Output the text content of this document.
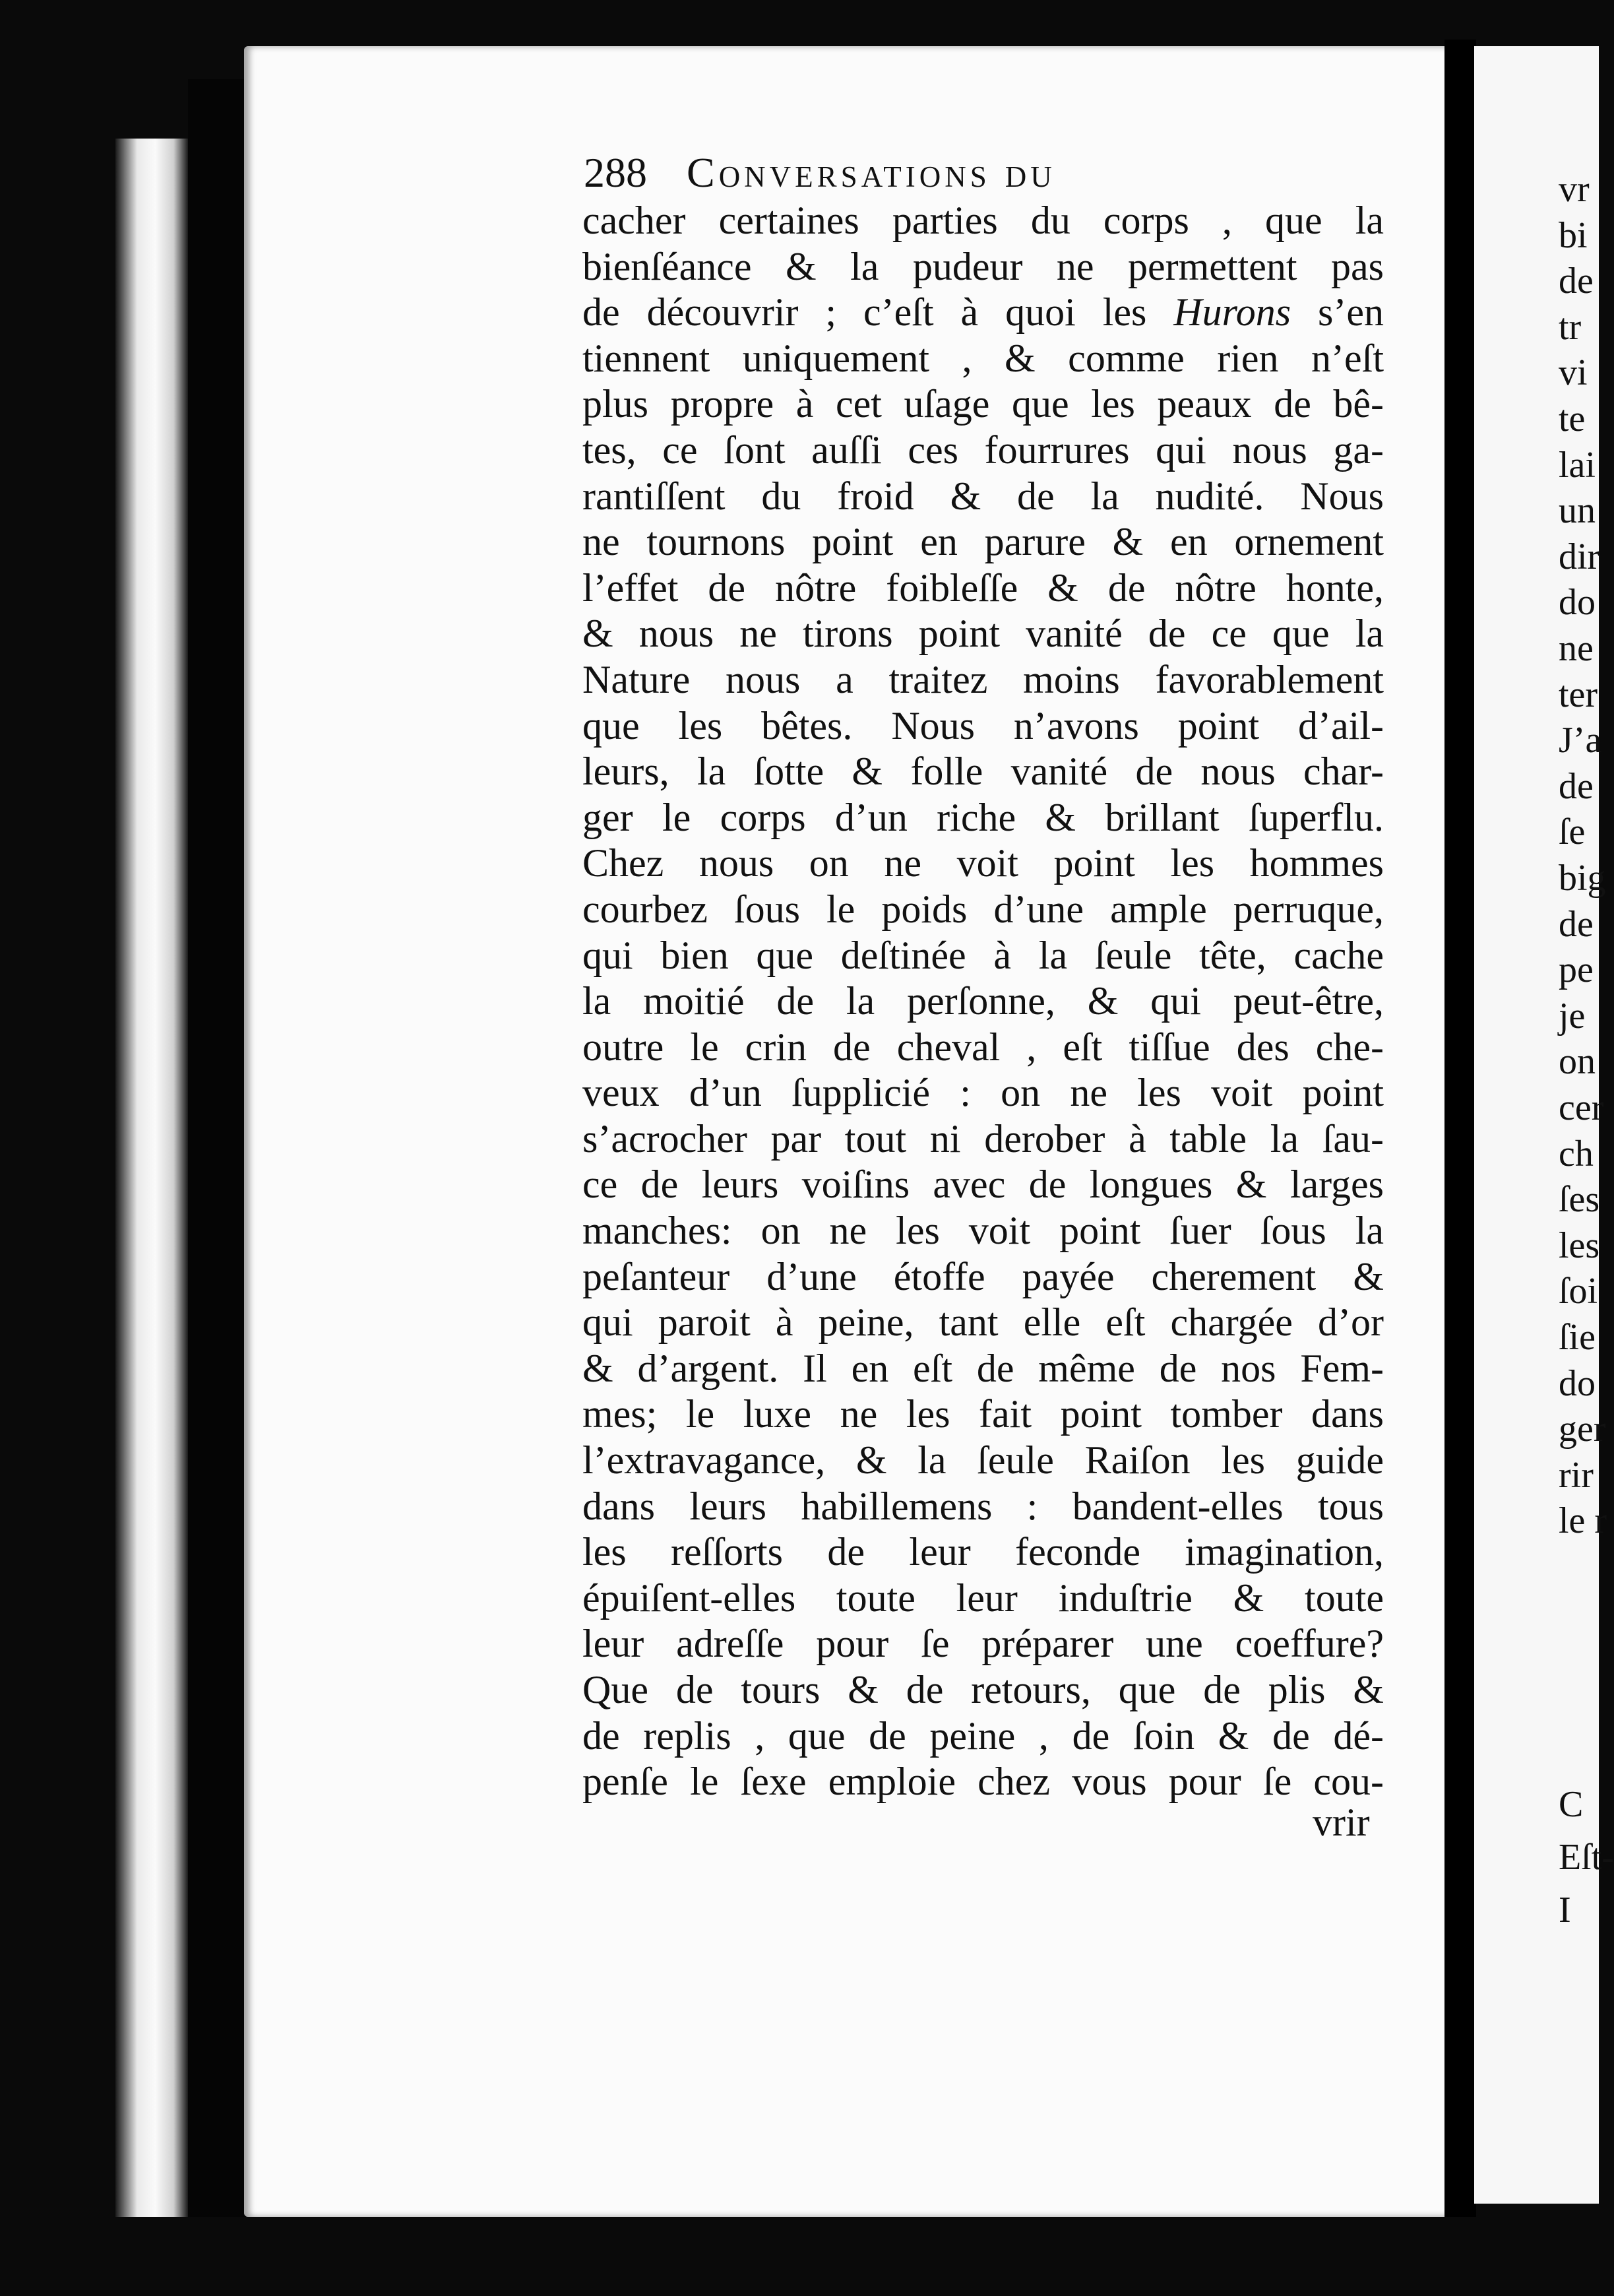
288 Conversations du
cacher certaines parties du corps , que la
bienſéance & la pudeur ne permettent pas
de découvrir ; c’eſt à quoi les Hurons s’en
tiennent uniquement , & comme rien n’eſt
plus propre à cet uſage que les peaux de bê-
tes, ce ſont auſſi ces fourrures qui nous ga-
rantiſſent du froid & de la nudité. Nous
ne tournons point en parure & en ornement
l’effet de nôtre foibleſſe & de nôtre honte,
& nous ne tirons point vanité de ce que la
Nature nous a traitez moins favorablement
que les bêtes. Nous n’avons point d’ail-
leurs, la ſotte & folle vanité de nous char-
ger le corps d’un riche & brillant ſuperflu.
Chez nous on ne voit point les hommes
courbez ſous le poids d’une ample perruque,
qui bien que deſtinée à la ſeule tête, cache
la moitié de la perſonne, & qui peut-être,
outre le crin de cheval , eſt tiſſue des che-
veux d’un ſupplicié : on ne les voit point
s’acrocher par tout ni derober à table la ſau-
ce de leurs voiſins avec de longues & larges
manches: on ne les voit point ſuer ſous la
peſanteur d’une étoffe payée cherement &
qui paroit à peine, tant elle eſt chargée d’or
& d’argent. Il en eſt de même de nos Fem-
mes; le luxe ne les fait point tomber dans
l’extravagance, & la ſeule Raiſon les guide
dans leurs habillemens : bandent-elles tous
les reſſorts de leur feconde imagination,
épuiſent-elles toute leur induſtrie & toute
leur adreſſe pour ſe préparer une coeffure?
Que de tours & de retours, que de plis &
de replis , que de peine , de ſoin & de dé-
penſe le ſexe emploie chez vous pour ſe cou-
vrir
vr
bi
de
tr
vi
te
lai
un
dir
do
ne
ter
J’a
de
ſe
big
de
pe
je
on
cer
ch
ſes
les
ſoi
ſie
do
ger
rir
le r
C
Eſt-
I
